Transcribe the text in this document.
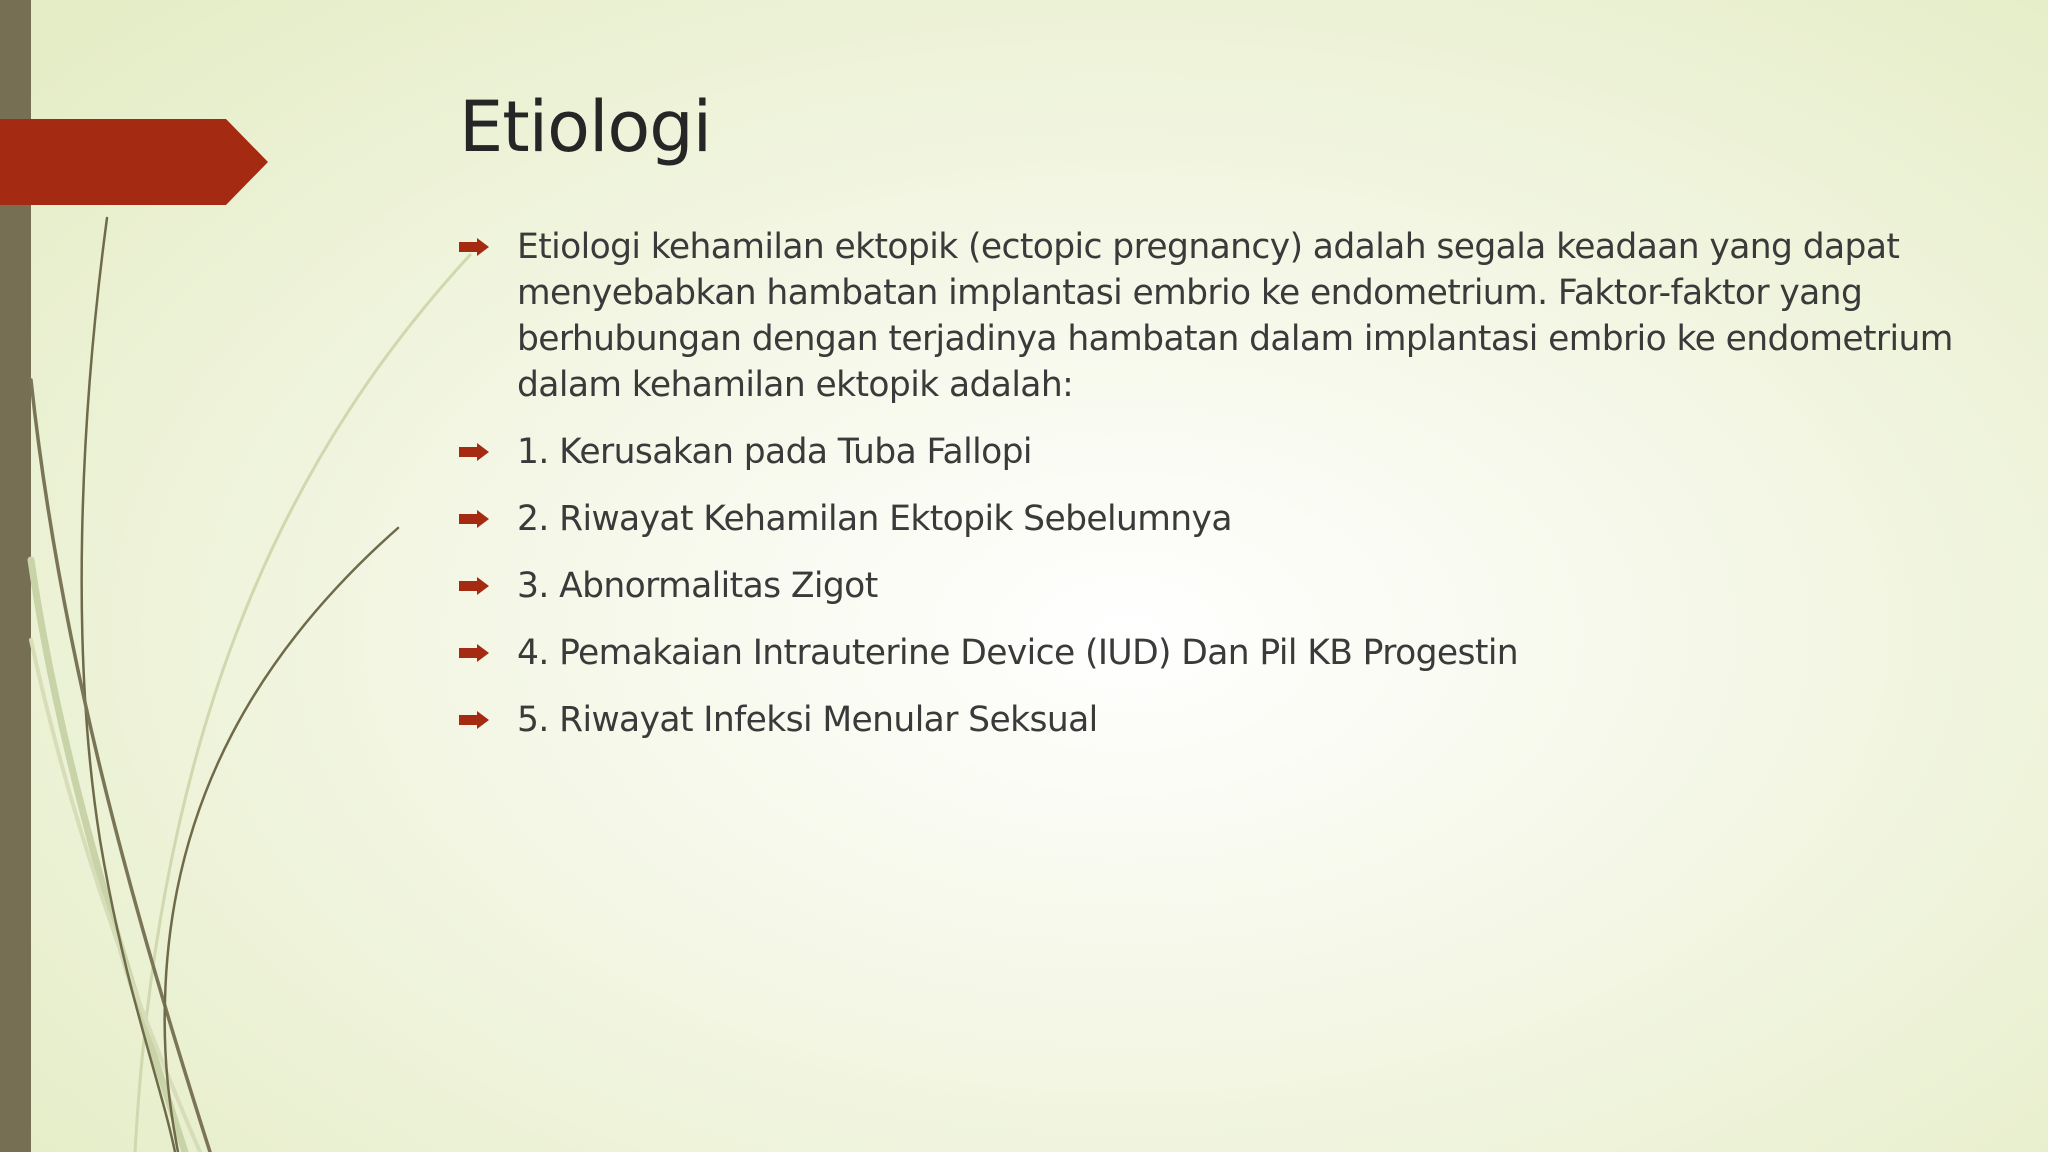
Etiologi
Etiologi kehamilan ektopik (ectopic pregnancy) adalah segala keadaan yang dapat menyebabkan hambatan implantasi embrio ke endometrium. Faktor-faktor yang berhubungan dengan terjadinya hambatan dalam implantasi embrio ke endometrium dalam kehamilan ektopik adalah:
1. Kerusakan pada Tuba Fallopi
2. Riwayat Kehamilan Ektopik Sebelumnya
3. Abnormalitas Zigot
4. Pemakaian Intrauterine Device (IUD) Dan Pil KB Progestin
5. Riwayat Infeksi Menular Seksual
